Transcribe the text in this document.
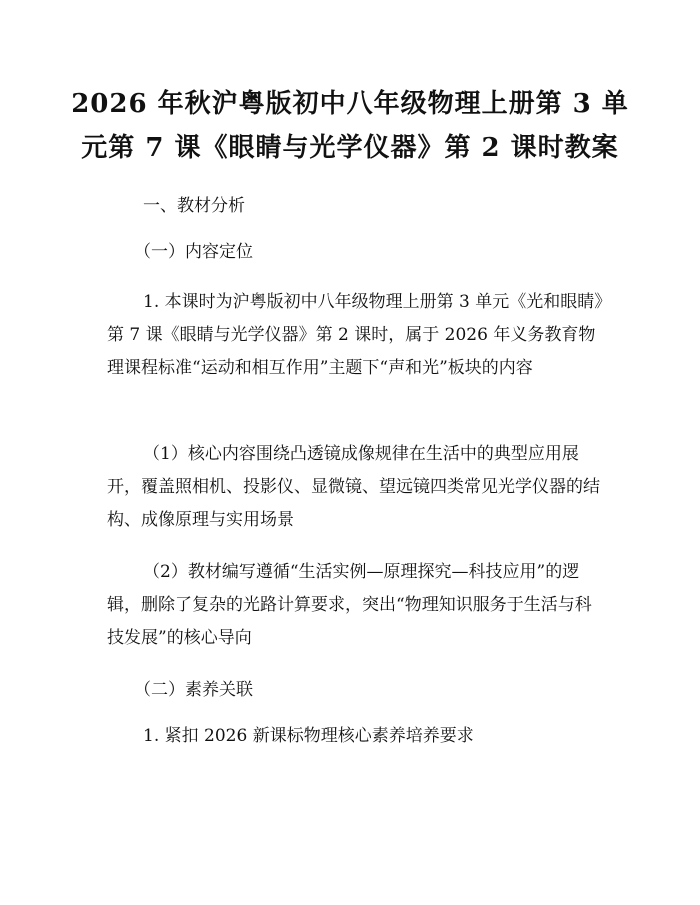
2026 年秋沪粤版初中八年级物理上册第 3 单
元第 7 课《眼睛与光学仪器》第 2 课时教案
一、教材分析
（一）内容定位
1. 本课时为沪粤版初中八年级物理上册第 3 单元《光和眼睛》第 7 课《眼睛与光学仪器》第 2 课时，属于 2026 年义务教育物理课程标准“运动和相互作用”主题下“声和光”板块的内容
（1）核心内容围绕凸透镜成像规律在生活中的典型应用展开，覆盖照相机、投影仪、显微镜、望远镜四类常见光学仪器的结构、成像原理与实用场景
（2）教材编写遵循“生活实例—原理探究—科技应用”的逻辑，删除了复杂的光路计算要求，突出“物理知识服务于生活与科技发展”的核心导向
（二）素养关联
1. 紧扣 2026 新课标物理核心素养培养要求
